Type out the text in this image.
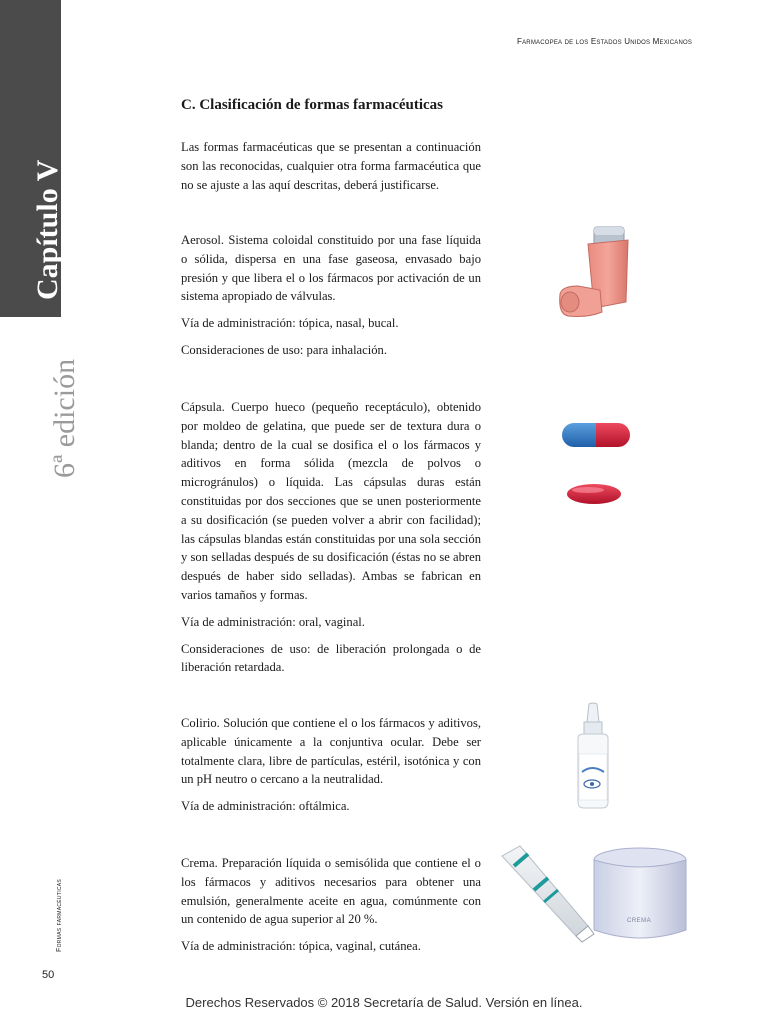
Capítulo V
6ª edición
Formas farmacéuticas
50
Farmacopea de los Estados Unidos Mexicanos
C. Clasificación de formas farmacéuticas

Las formas farmacéuticas que se presentan a continuación son las reconocidas, cualquier otra forma farmacéutica que no se ajuste a las aquí descritas, deberá justificarse.

Aerosol. Sistema coloidal constituido por una fase líquida o sólida, dispersa en una fase gaseosa, envasado bajo presión y que libera el o los fármacos por activación de un sistema apropiado de válvulas.

Vía de administración: tópica, nasal, bucal.

Consideraciones de uso: para inhalación.

Cápsula. Cuerpo hueco (pequeño receptáculo), obtenido por moldeo de gelatina, que puede ser de textura dura o blanda; dentro de la cual se dosifica el o los fármacos y aditivos en forma sólida (mezcla de polvos o microgránulos) o líquida. Las cápsulas duras están constituidas por dos secciones que se unen posteriormente a su dosificación (se pueden volver a abrir con facilidad); las cápsulas blandas están constituidas por una sola sección y son selladas después de su dosificación (éstas no se abren después de haber sido selladas). Ambas se fabrican en varios tamaños y formas.

Vía de administración: oral, vaginal.

Consideraciones de uso: de liberación prolongada o de liberación retardada.

Colirio. Solución que contiene el o los fármacos y aditivos, aplicable únicamente a la conjuntiva ocular. Debe ser totalmente clara, libre de partículas, estéril, isotónica y con un pH neutro o cercano a la neutralidad.

Vía de administración: oftálmica.

Crema. Preparación líquida o semisólida que contiene el o los fármacos y aditivos necesarios para obtener una emulsión, generalmente aceite en agua, comúnmente con un contenido de agua superior al 20 %.

Vía de administración: tópica, vaginal, cutánea.

CREMA
Derechos Reservados © 2018 Secretaría de Salud. Versión en línea.
